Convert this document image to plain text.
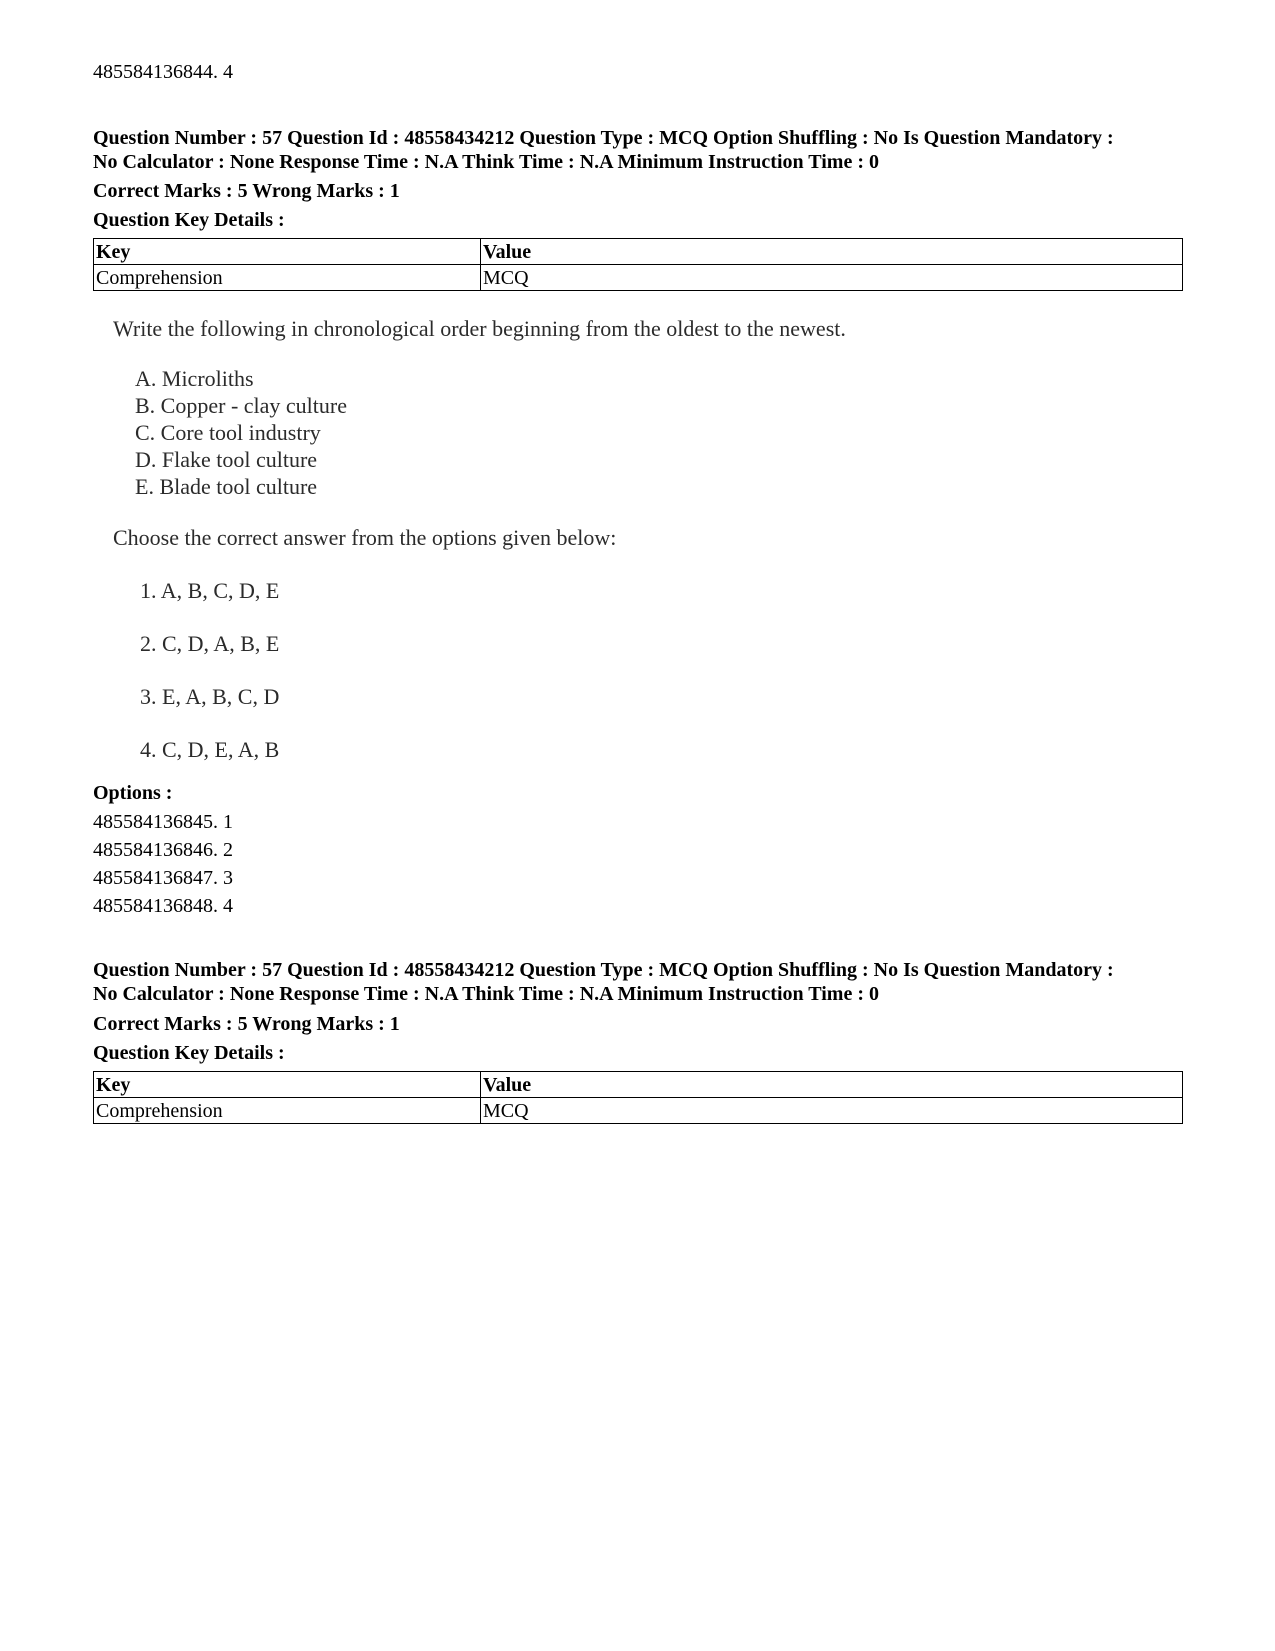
485584136844. 4
Question Number : 57 Question Id : 48558434212 Question Type : MCQ Option Shuffling : No Is Question Mandatory :
No Calculator : None Response Time : N.A Think Time : N.A Minimum Instruction Time : 0
Correct Marks : 5 Wrong Marks : 1
Question Key Details :
Key	Value
Comprehension	MCQ
Write the following in chronological order beginning from the oldest to the newest.
A. Microliths
B. Copper - clay culture
C. Core tool industry
D. Flake tool culture
E. Blade tool culture
Choose the correct answer from the options given below:
1. A, B, C, D, E
2. C, D, A, B, E
3. E, A, B, C, D
4. C, D, E, A, B
Options :
485584136845. 1
485584136846. 2
485584136847. 3
485584136848. 4
Question Number : 57 Question Id : 48558434212 Question Type : MCQ Option Shuffling : No Is Question Mandatory :
No Calculator : None Response Time : N.A Think Time : N.A Minimum Instruction Time : 0
Correct Marks : 5 Wrong Marks : 1
Question Key Details :
Key	Value
Comprehension	MCQ
